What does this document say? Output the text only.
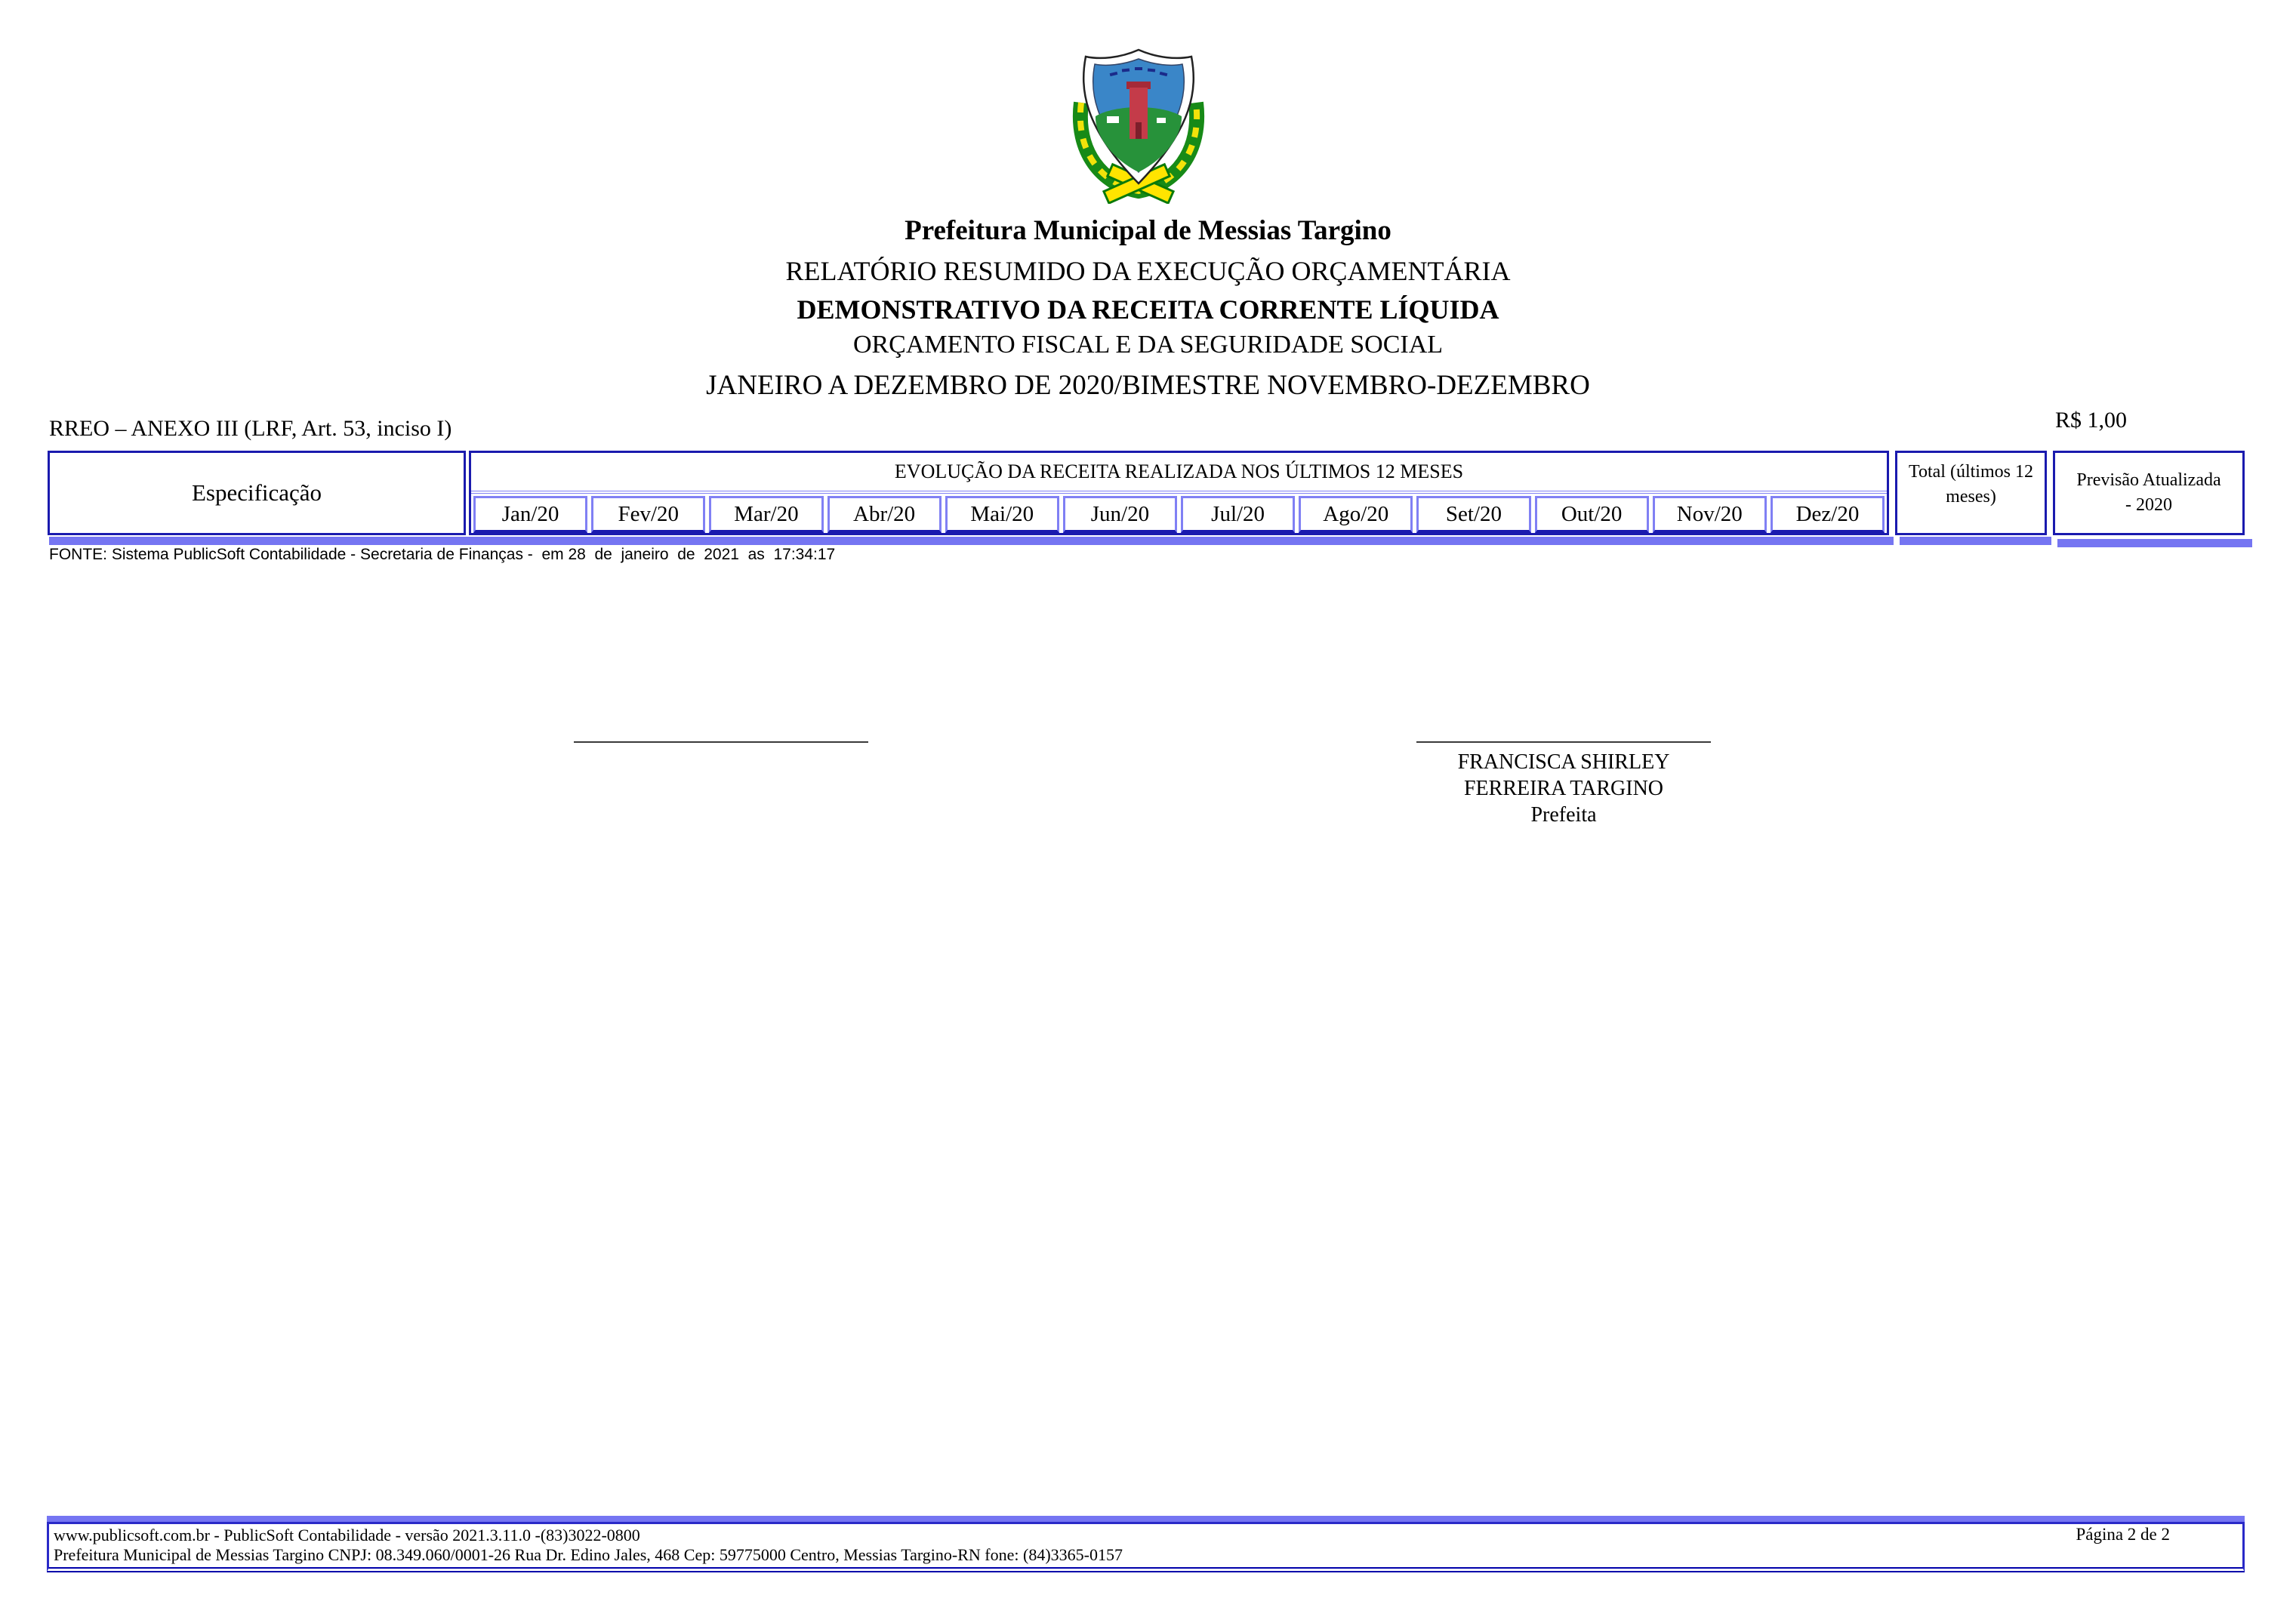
Prefeitura Municipal de Messias Targino
RELATÓRIO RESUMIDO DA EXECUÇÃO ORÇAMENTÁRIA
DEMONSTRATIVO DA RECEITA CORRENTE LÍQUIDA
ORÇAMENTO FISCAL E DA SEGURIDADE SOCIAL
JANEIRO A DEZEMBRO DE 2020/BIMESTRE NOVEMBRO-DEZEMBRO
RREO – ANEXO III (LRF, Art. 53, inciso I)	R$ 1,00
Especificação
EVOLUÇÃO DA RECEITA REALIZADA NOS ÚLTIMOS 12 MESES
Jan/20	Fev/20	Mar/20	Abr/20	Mai/20	Jun/20	Jul/20	Ago/20	Set/20	Out/20	Nov/20	Dez/20
Total (últimos 12 meses)
Previsão Atualizada - 2020
FONTE: Sistema PublicSoft Contabilidade - Secretaria de Finanças -  em 28  de  janeiro  de  2021  as  17:34:17
FRANCISCA SHIRLEY
FERREIRA TARGINO
Prefeita
www.publicsoft.com.br - PublicSoft Contabilidade - versão 2021.3.11.0 -(83)3022-0800
Prefeitura Municipal de Messias Targino CNPJ: 08.349.060/0001-26 Rua Dr. Edino Jales, 468 Cep: 59775000 Centro, Messias Targino-RN fone: (84)3365-0157
Página 2 de 2
